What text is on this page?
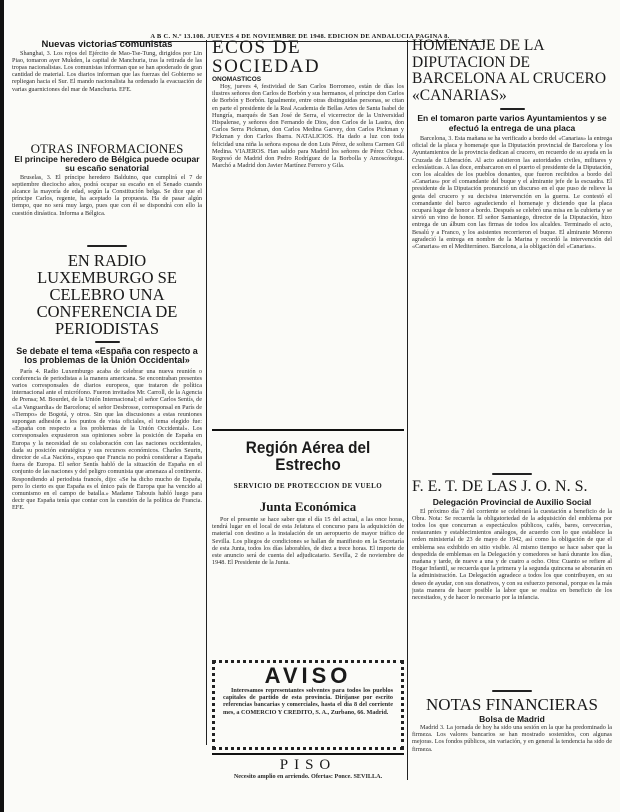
A B C. N.º 13.108. JUEVES 4 DE NOVIEMBRE DE 1948. EDICION DE ANDALUCIA PAGINA 8.
Nuevas victorias comunistas
Shanghai, 3. Los rojos del Ejército de Mao-Tse-Tung, dirigidos por Lin Piao, tomaron ayer Mukden, la capital de Manchuria, tras la retirada de las tropas nacionalistas. Los comunistas informan que se han apoderado de gran cantidad de material. Los diarios informan que las fuerzas del Gobierno se repliegan hacia el Sur. El mando nacionalista ha ordenado la evacuación de varias guarniciones del mar de Manchuria. EFE.
OTRAS INFORMACIONES
El principe heredero de Bélgica puede ocupar su escaño senatorial
Bruselas, 3. El príncipe heredero Balduino, que cumplirá el 7 de septiembre dieciocho años, podrá ocupar su escaño en el Senado cuando alcance la mayoría de edad, según la Constitución belga. Se dice que el príncipe Carlos, regente, ha aceptado la propuesta. Ha de pasar algún tiempo, que no será muy largo, pues que con él se dispondrá con ello la cuestión dinástica. Informa a Bélgica.
EN RADIO LUXEMBURGO SE CELEBRO UNA CONFERENCIA DE PERIODISTAS
Se debate el tema «España con respecto a los problemas de la Unión Occidental»
París 4. Radio Luxemburgo acaba de celebrar una nueva reunión o conferencia de periodistas a la manera americana. Se encontraban presentes varios corresponsales de diarios europeos, que trataron de política internacional ante el micrófono. Fueron invitados Mr. Carroll, de la Agencia de Prensa; M. Bourdet, de la Unión Internacional; el señor Carlos Sentís, de «La Vanguardia» de Barcelona; el señor Desbrosse, corresponsal en París de «Tiempo» de Bogotá, y otros. Sin que las discusiones a estas reuniones supongan adhesión a los puntos de vista oficiales, el tema elegido fue: «España con respecto a los problemas de la Unión Occidental». Los corresponsales expusieron sus opiniones sobre la posición de España en Europa y la necesidad de su colaboración con las naciones occidentales, dada su posición estratégica y sus recursos económicos. Charles Seurin, director de «La Nación», expuso que Francia no podrá considerar a España fuera de Europa. El señor Sentís habló de la situación de España en el conjunto de las naciones y del peligro comunista que amenaza al continente. Respondiendo al periodista francés, dijo: «Se ha dicho mucho de España, pero lo cierto es que España es el único país de Europa que ha vencido al comunismo en el campo de batalla.» Madame Tabouis habló luego para decir que España tenía que contar con la cuestión de la política de Francia. EFE.
ECOS DE SOCIEDAD
ONOMASTICOS
Hoy, jueves 4, festividad de San Carlos Borromeo, están de días los ilustres señores don Carlos de Borbón y sus hermanos, el príncipe don Carlos de Borbón y Borbón. Igualmente, entre otras distinguidas personas, se citan en parte el presidente de la Real Academia de Bellas Artes de Santa Isabel de Hungría, marqués de San José de Serra, el vicerrector de la Universidad Hispalense, y señores don Fernando de Dios, don Carlos de la Lastra, don Carlos Serra Pickman, don Carlos Medina Garvey, don Carlos Pickman y Pickman y don Carlos Ibarra. NATALICIOS. Ha dado a luz con toda felicidad una niña la señora esposa de don Luis Pérez, de soltera Carmen Gil Medina. VIAJEROS. Han salido para Madrid los señores de Pérez Ochoa. Regresó de Madrid don Pedro Rodríguez de la Borbolla y Amoscótegui. Marchó a Madrid don Javier Martínez Ferrero y Gila.
Región Aérea del Estrecho
SERVICIO DE PROTECCION DE VUELO
Junta Económica
Por el presente se hace saber que el día 15 del actual, a las once horas, tendrá lugar en el local de esta Jefatura el concurso para la adquisición de material con destino a la instalación de un aeropuerto de mayor tráfico de Sevilla. Los pliegos de condiciones se hallan de manifiesto en la Secretaría de esta Junta, todos los días laborables, de diez a trece horas. El importe de este anuncio será de cuenta del adjudicatario. Sevilla, 2 de noviembre de 1948. El Presidente de la Junta.
AVISO
Interesamos representantes solventes para todos los pueblos capitales de partido de esta provincia. Diríjanse por escrito referencias bancarias y comerciales, hasta el día 8 del corriente mes, a COMERCIO Y CREDITO, S. A., Zurbano, 66. Madrid.
PISO
Necesito amplio en arriendo. Ofertas: Ponce. SEVILLA.
HOMENAJE DE LA DIPUTACION DE BARCELONA AL CRUCERO «CANARIAS»
En el tomaron parte varios Ayuntamientos y se efectuó la entrega de una placa
Barcelona, 3. Esta mañana se ha verificado a bordo del «Canarias» la entrega oficial de la placa y homenaje que la Diputación provincial de Barcelona y los Ayuntamientos de la provincia dedican al crucero, en recuerdo de su ayuda en la Cruzada de Liberación. Al acto asistieron las autoridades civiles, militares y eclesiásticas. A las doce, embarcaron en el puerto el presidente de la Diputación, con los alcaldes de los pueblos donantes, que fueron recibidos a bordo del «Canarias» por el comandante del buque y el almirante jefe de la escuadra. El presidente de la Diputación pronunció un discurso en el que puso de relieve la gesta del crucero y su decisiva intervención en la guerra. Le contestó el comandante del barco agradeciendo el homenaje y diciendo que la placa ocupará lugar de honor a bordo. Después se celebró una misa en la cubierta y se sirvió un vino de honor. El señor Samaniego, director de la Diputación, hizo entrega de un álbum con las firmas de todos los alcaldes. Terminado el acto, Besalú y a Franco, y los asistentes recorrieron el buque. El almirante Moreno agradeció la entrega en nombre de la Marina y recordó la intervención del «Canarias» en el Mediterráneo. Barcelona, a la obligación del «Canarias».
F. E. T. DE LAS J. O. N. S.
Delegación Provincial de Auxilio Social
El próximo día 7 del corriente se celebrará la cuestación a beneficio de la Obra. Nota: Se recuerda la obligatoriedad de la adquisición del emblema por todos los que concurran a espectáculos públicos, cafés, bares, cervecerías, restaurantes y establecimientos análogos, de acuerdo con lo que establece la orden ministerial de 23 de mayo de 1942, así como la obligación de que el emblema sea exhibido en sitio visible. Al mismo tiempo se hace saber que la despedida de emblemas en la Delegación y comedores se hará durante los días, mañana y tarde, de nueve a una y de cuatro a ocho. Otra: Cuanto se refiere al Hogar Infantil, se recuerda que la primera y la segunda quincena se abonarán en la administración. La Delegación agradece a todos los que contribuyen, en su deseo de ayudar, con sus donativos, y con su esfuerzo personal, porque es la más justa manera de hacer posible la labor que se realiza en beneficio de los necesitados, y de hacer lo necesario por la infancia.
NOTAS FINANCIERAS
Bolsa de Madrid
Madrid 3. La jornada de hoy ha sido una sesión en la que ha predominado la firmeza. Los valores bancarios se han mostrado sostenidos, con algunas mejoras. Los fondos públicos, sin variación, y en general la tendencia ha sido de firmeza.
